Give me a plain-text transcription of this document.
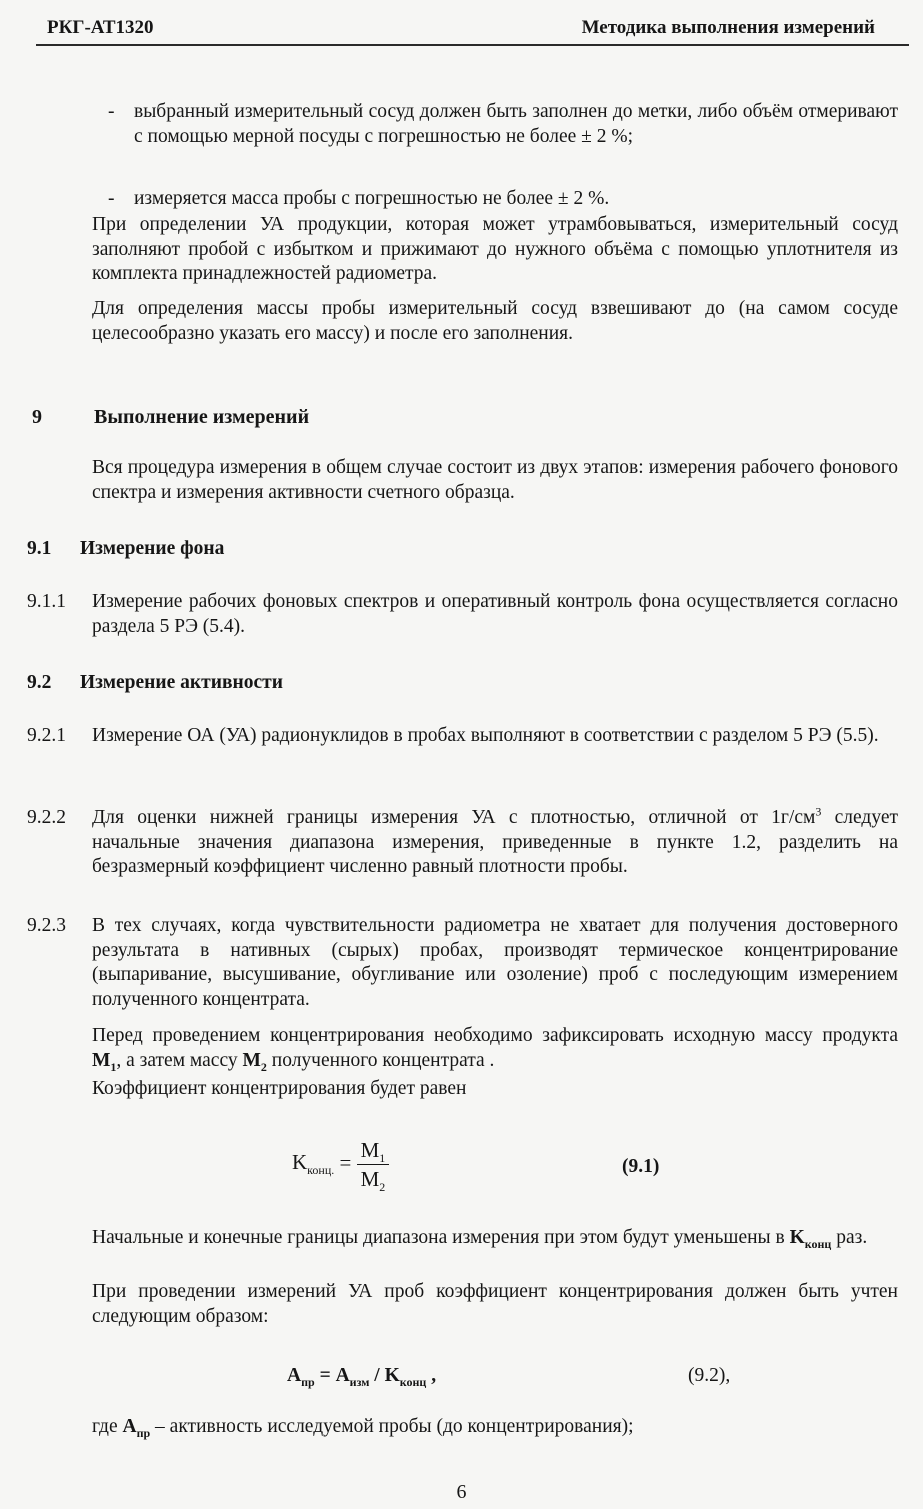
РКГ-АТ1320	Методика выполнения измерений
-	выбранный измерительный сосуд должен быть заполнен до метки, либо объём отмеривают с помощью мерной посуды с погрешностью не более ± 2 %;
-	измеряется масса пробы с погрешностью не более ± 2 %.
При определении УА продукции, которая может утрамбовываться, измерительный сосуд заполняют пробой с избытком и прижимают до нужного объёма с помощью уплотнителя из комплекта принадлежностей радиометра.
Для определения массы пробы измерительный сосуд взвешивают до (на самом сосуде целесообразно указать его массу) и после его заполнения.
9	Выполнение измерений
Вся процедура измерения в общем случае состоит из двух этапов: измерения рабочего фонового спектра и измерения активности счетного образца.
9.1 Измерение фона
9.1.1 Измерение рабочих фоновых спектров и оперативный контроль фона осуществляется согласно раздела 5 РЭ (5.4).
9.2 Измерение активности
9.2.1 Измерение ОА (УА) радионуклидов в пробах выполняют в соответствии с разделом 5 РЭ (5.5).
9.2.2 Для оценки нижней границы измерения УА с плотностью, отличной от $1г/см^3$ следует начальные значения диапазона измерения, приведенные в пункте 1.2, разделить на безразмерный коэффициент численно равный плотности пробы.
9.2.3 В тех случаях, когда чувствительности радиометра не хватает для получения достоверного результата в нативных (сырых) пробах, производят термическое концентрирование (выпаривание, высушивание, обугливание или озоление) проб с последующим измерением полученного концентрата.
Перед проведением концентрирования необходимо зафиксировать исходную массу продукта $M_1$, а затем массу $M_2$ полученного концентрата .
Коэффициент концентрирования будет равен
$K_{конц.} = \frac{M_1}{M_2}$	(9.1)
Начальные и конечные границы диапазона измерения при этом будут уменьшены в $K_{конц}$ раз.
При проведении измерений УА проб коэффициент концентрирования должен быть учтен следующим образом:
$A_{пр} = A_{изм} / K_{конц}$ ,	(9.2),
где $A_{пр}$ – активность исследуемой пробы (до концентрирования);
6
